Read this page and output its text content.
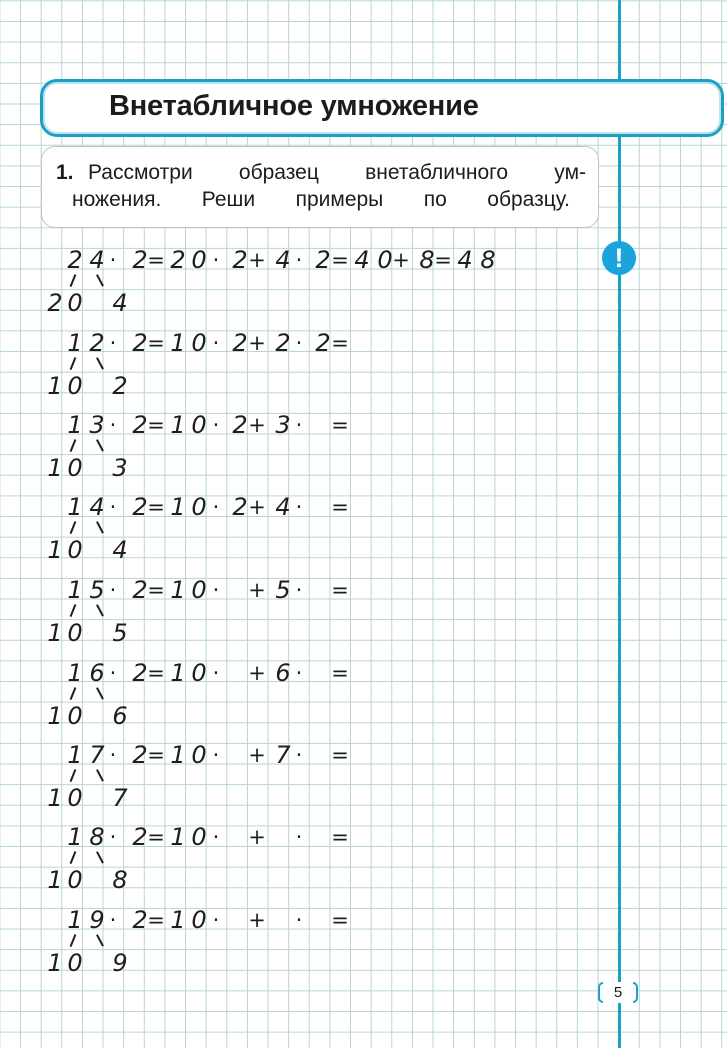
Внетабличное умножение
1. Рассмотри образец внетабличного ум-
ножения. Реши примеры по образцу.
!
2 4 · 2 = 2 0 · 2 + 4 · 2 = 4 0 + 8 = 4 8
2 0 4
1 2 · 2 = 1 0 · 2 + 2 · 2 =
1 0 2
1 3 · 2 = 1 0 · 2 + 3 ·	=
1 0 3
1 4 · 2 = 1 0 · 2 + 4 ·	=
1 0 4
1 5 · 2 = 1 0 ·	+ 5 ·	=
1 0 5
1 6 · 2 = 1 0 ·	+ 6 ·	=
1 0 6
1 7 · 2 = 1 0 ·	+ 7 ·	=
1 0 7
1 8 · 2 = 1 0 ·	+	·	=
1 0 8
1 9 · 2 = 1 0 ·	+	·	=
1 0 9
5
